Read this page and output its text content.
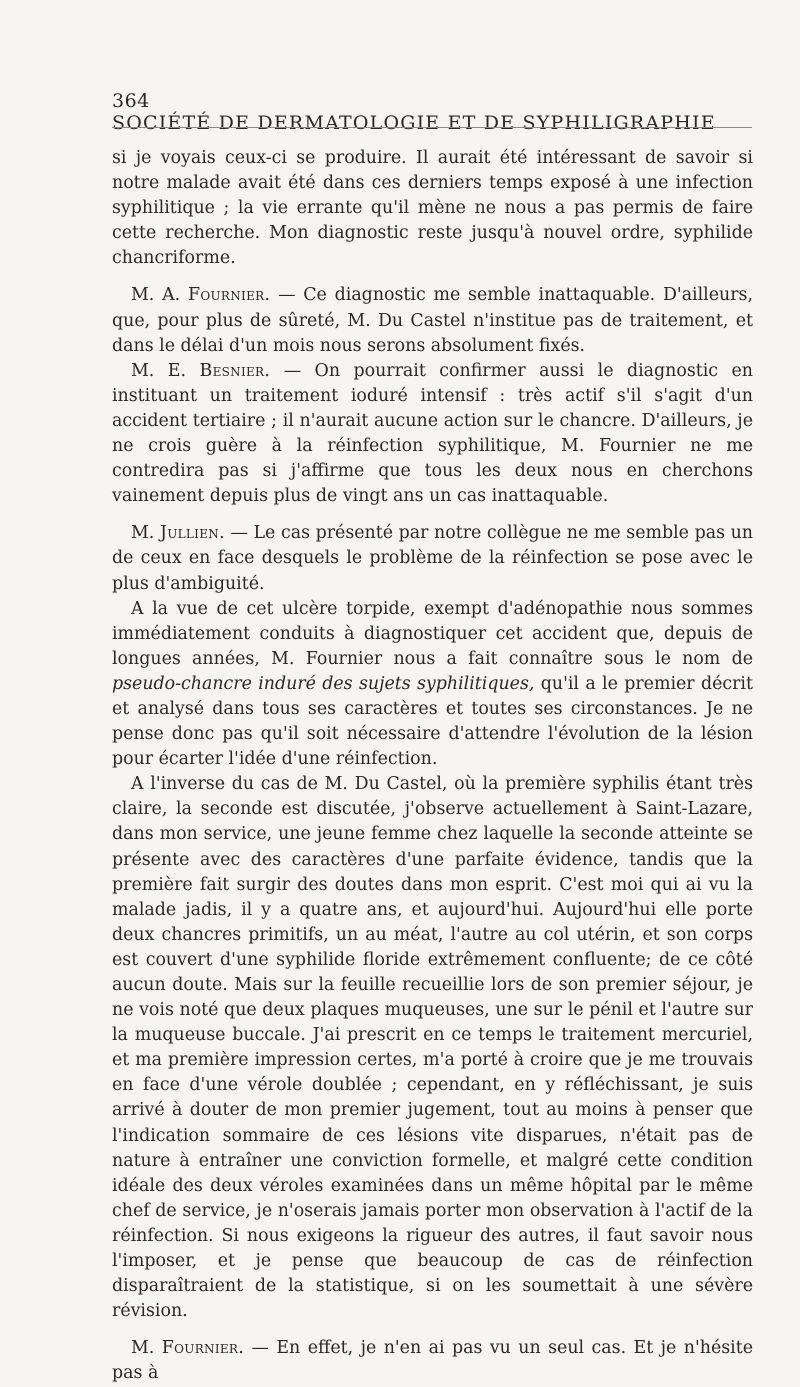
364SOCIÉTÉ DE DERMATOLOGIE ET DE SYPHILIGRAPHIE

si je voyais ceux-ci se produire. Il aurait été intéressant de savoir si notre malade avait été dans ces derniers temps exposé à une infection syphilitique ; la vie errante qu'il mène ne nous a pas permis de faire cette recherche. Mon diagnostic reste jusqu'à nouvel ordre, syphilide chancriforme.

M. A. Fournier. — Ce diagnostic me semble inattaquable. D'ailleurs, que, pour plus de sûreté, M. Du Castel n'institue pas de traitement, et dans le délai d'un mois nous serons absolument fixés.

M. E. Besnier. — On pourrait confirmer aussi le diagnostic en instituant un traitement ioduré intensif : très actif s'il s'agit d'un accident tertiaire ; il n'aurait aucune action sur le chancre. D'ailleurs, je ne crois guère à la réinfection syphilitique, M. Fournier ne me contredira pas si j'affirme que tous les deux nous en cherchons vainement depuis plus de vingt ans un cas inattaquable.

M. Jullien. — Le cas présenté par notre collègue ne me semble pas un de ceux en face desquels le problème de la réinfection se pose avec le plus d'ambiguité.

A la vue de cet ulcère torpide, exempt d'adénopathie nous sommes immédiatement conduits à diagnostiquer cet accident que, depuis de longues années, M. Fournier nous a fait connaître sous le nom de pseudo-chancre induré des sujets syphilitiques, qu'il a le premier décrit et analysé dans tous ses caractères et toutes ses circonstances. Je ne pense donc pas qu'il soit nécessaire d'attendre l'évolution de la lésion pour écarter l'idée d'une réinfection.

A l'inverse du cas de M. Du Castel, où la première syphilis étant très claire, la seconde est discutée, j'observe actuellement à Saint-Lazare, dans mon service, une jeune femme chez laquelle la seconde atteinte se présente avec des caractères d'une parfaite évidence, tandis que la première fait surgir des doutes dans mon esprit. C'est moi qui ai vu la malade jadis, il y a quatre ans, et aujourd'hui. Aujourd'hui elle porte deux chancres primitifs, un au méat, l'autre au col utérin, et son corps est couvert d'une syphilide floride extrêmement confluente; de ce côté aucun doute. Mais sur la feuille recueillie lors de son premier séjour, je ne vois noté que deux plaques muqueuses, une sur le pénil et l'autre sur la muqueuse buccale. J'ai prescrit en ce temps le traitement mercuriel, et ma première impression certes, m'a porté à croire que je me trouvais en face d'une vérole doublée ; cependant, en y réfléchissant, je suis arrivé à douter de mon premier jugement, tout au moins à penser que l'indication sommaire de ces lésions vite disparues, n'était pas de nature à entraîner une conviction formelle, et malgré cette condition idéale des deux véroles examinées dans un même hôpital par le même chef de service, je n'oserais jamais porter mon observation à l'actif de la réinfection. Si nous exigeons la rigueur des autres, il faut savoir nous l'imposer, et je pense que beaucoup de cas de réinfection disparaîtraient de la statistique, si on les soumettait à une sévère révision.

M. Fournier. — En effet, je n'en ai pas vu un seul cas. Et je n'hésite pas à
